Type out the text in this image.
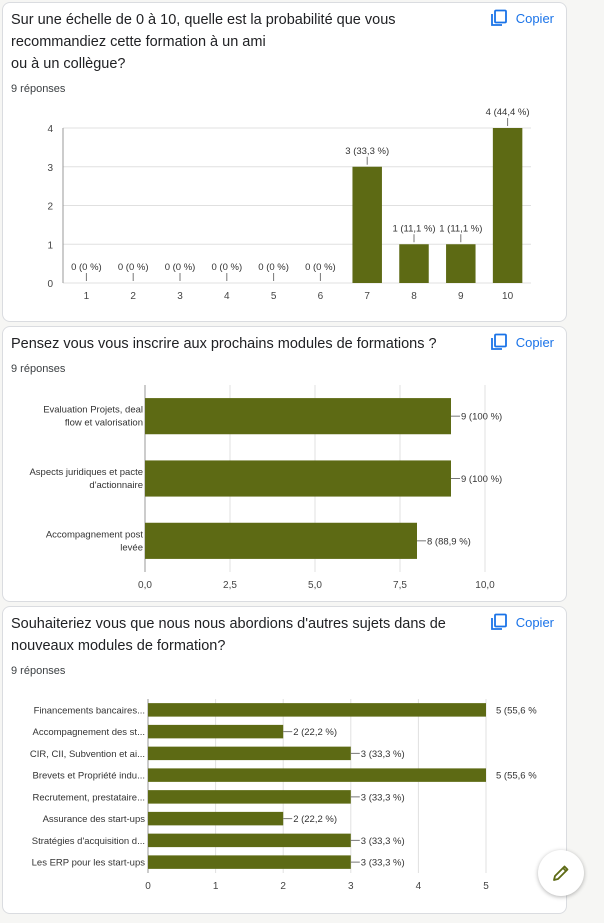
Sur une échelle de 0 à 10, quelle est la probabilité que vous
recommandiez cette formation à un ami
ou à un collègue?
9 réponses
Copier
0
1
2
3
4
0 (0 %)
1
0 (0 %)
2
0 (0 %)
3
0 (0 %)
4
0 (0 %)
5
0 (0 %)
6
3 (33,3 %)
7
1 (11,1 %)
8
1 (11,1 %)
9
4 (44,4 %)
10
Pensez vous vous inscrire aux prochains modules de formations ?
9 réponses
Copier
0,0	2,5	5,0	7,5	10,0
Evaluation Projets, deal
flow et valorisation
9 (100 %)
Aspects juridiques et pacte
d'actionnaire
9 (100 %)
Accompagnement post
levée
8 (88,9 %)
Souhaiteriez vous que nous nous abordions d'autres sujets dans de
nouveaux modules de formation?
9 réponses
Copier
0	1	2	3	4	5
Financements bancaires...	5 (55,6 %
Accompagnement des st...	2 (22,2 %)
CIR, CII, Subvention et ai...	3 (33,3 %)
Brevets et Propriété indu...	5 (55,6 %
Recrutement, prestataire...	3 (33,3 %)
Assurance des start-ups	2 (22,2 %)
Stratégies d'acquisition d...	3 (33,3 %)
Les ERP pour les start-ups	3 (33,3 %)
